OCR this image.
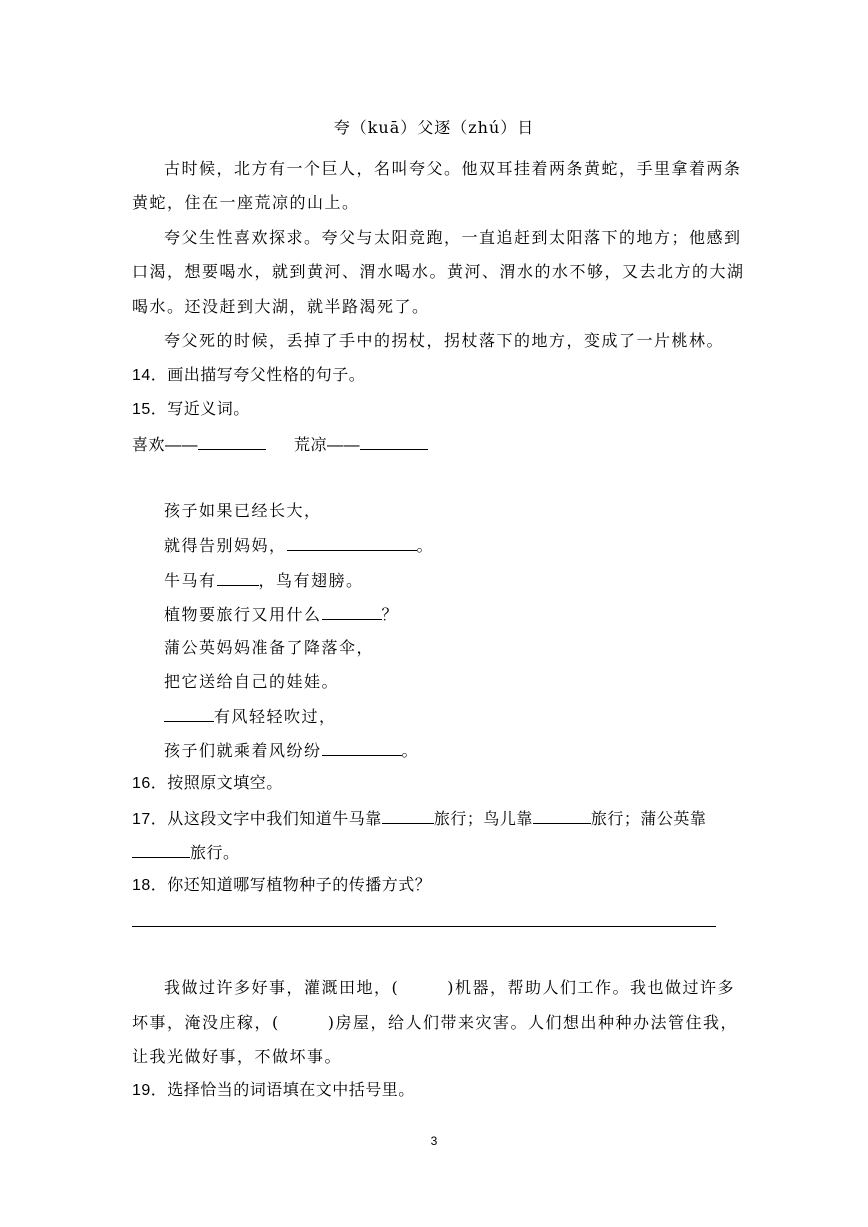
夸（kuā）父逐（zhú）日
古时候，北方有一个巨人，名叫夸父。他双耳挂着两条黄蛇，手里拿着两条
黄蛇，住在一座荒凉的山上。
夸父生性喜欢探求。夸父与太阳竞跑，一直追赶到太阳落下的地方；他感到
口渴，想要喝水，就到黄河、渭水喝水。黄河、渭水的水不够，又去北方的大湖
喝水。还没赶到大湖，就半路渴死了。
夸父死的时候，丢掉了手中的拐杖，拐杖落下的地方，变成了一片桃林。
14．画出描写夸父性格的句子。
15．写近义词。
喜欢——	荒凉——
孩子如果已经长大，
就得告别妈妈，	。
牛马有	，鸟有翅膀。
植物要旅行又用什么	？
蒲公英妈妈准备了降落伞，
把它送给自己的娃娃。
有风轻轻吹过，
孩子们就乘着风纷纷	。
16．按照原文填空。
17．从这段文字中我们知道牛马靠	旅行；鸟儿靠	旅行；蒲公英靠
旅行。
18．你还知道哪写植物种子的传播方式？
我做过许多好事，灌溉田地，(	)机器，帮助人们工作。我也做过许多
坏事，淹没庄稼，(	)房屋，给人们带来灾害。人们想出种种办法管住我，
让我光做好事，不做坏事。
19．选择恰当的词语填在文中括号里。
3
